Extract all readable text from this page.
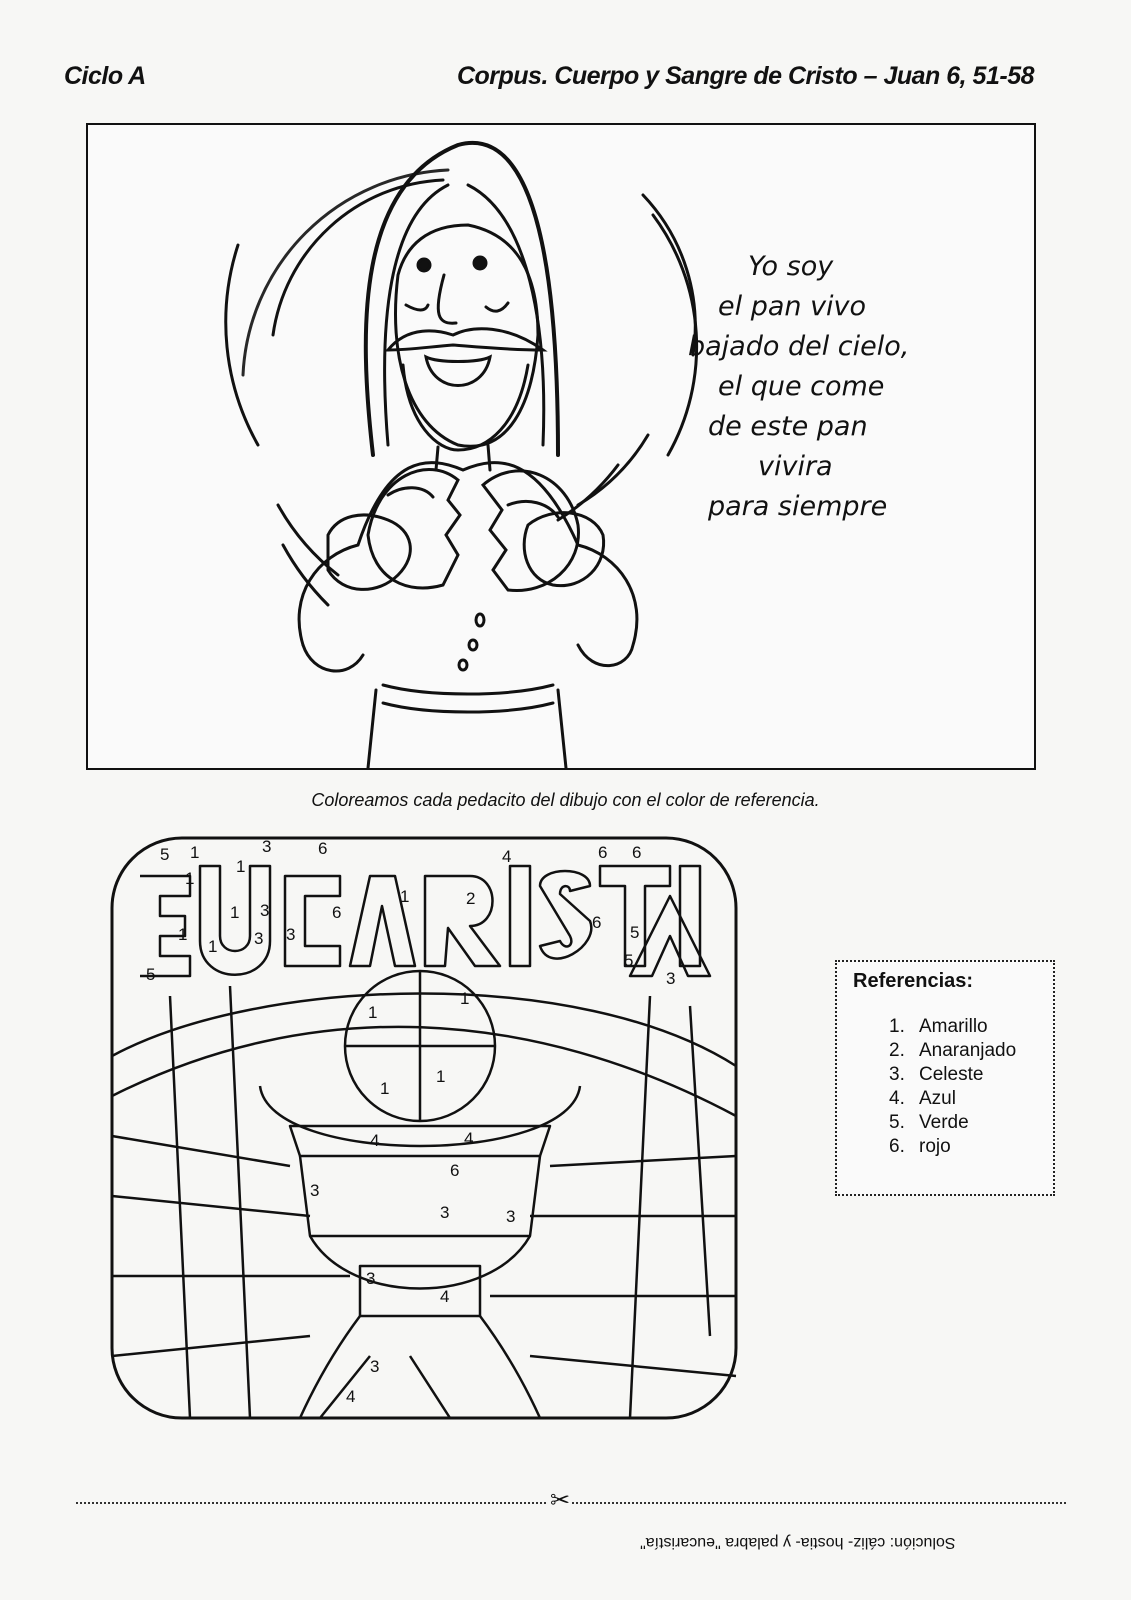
Ciclo A	Corpus. Cuerpo y Sangre de Cristo – Juan 6, 51-58
Yo soy
el pan vivo
bajado del cielo,
el que come
de este pan
vivira
para siempre
Coloreamos cada pedacito del dibujo con el color de referencia.
5 1	3	6	4	6 6
1
1
1	2
1 3	6
6
5
1
1 3 3
5
5
3
1
1
1
1
4	4
6
3
3	3
3
4
3
4
Referencias:
1. Amarillo
2. Anaranjado
3. Celeste
4. Azul
5. Verde
6. rojo
✂
Solución: cáliz- hostia- y palabra "eucaristía"
